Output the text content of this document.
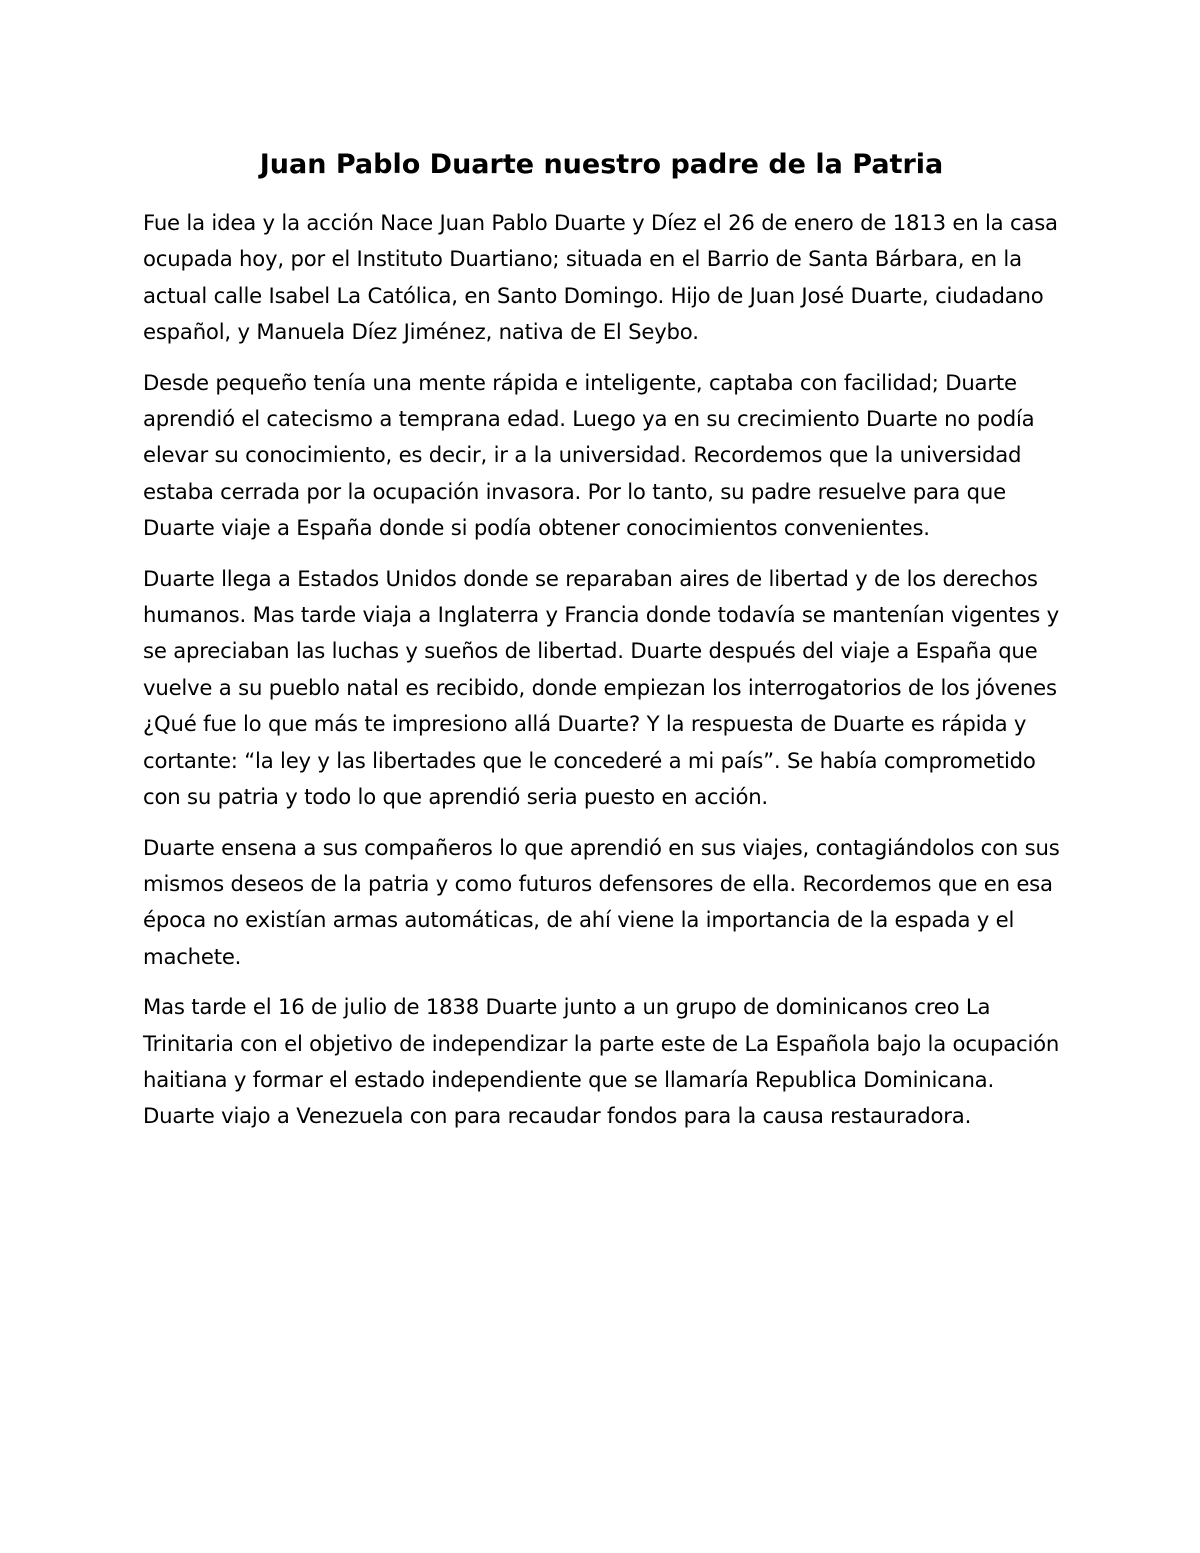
Juan Pablo Duarte nuestro padre de la Patria

Fue la idea y la acción Nace Juan Pablo Duarte y Díez el 26 de enero de 1813 en la casa ocupada hoy, por el Instituto Duartiano; situada en el Barrio de Santa Bárbara, en la actual calle Isabel La Católica, en Santo Domingo. Hijo de Juan José Duarte, ciudadano español, y Manuela Díez Jiménez, nativa de El Seybo.

Desde pequeño tenía una mente rápida e inteligente, captaba con facilidad; Duarte aprendió el catecismo a temprana edad. Luego ya en su crecimiento Duarte no podía elevar su conocimiento, es decir, ir a la universidad. Recordemos que la universidad estaba cerrada por la ocupación invasora. Por lo tanto, su padre resuelve para que Duarte viaje a España donde si podía obtener conocimientos convenientes.

Duarte llega a Estados Unidos donde se reparaban aires de libertad y de los derechos humanos. Mas tarde viaja a Inglaterra y Francia donde todavía se mantenían vigentes y se apreciaban las luchas y sueños de libertad. Duarte después del viaje a España que vuelve a su pueblo natal es recibido, donde empiezan los interrogatorios de los jóvenes ¿Qué fue lo que más te impresiono allá Duarte? Y la respuesta de Duarte es rápida y cortante: “la ley y las libertades que le concederé a mi país”. Se había comprometido con su patria y todo lo que aprendió seria puesto en acción.

Duarte ensena a sus compañeros lo que aprendió en sus viajes, contagiándolos con sus mismos deseos de la patria y como futuros defensores de ella. Recordemos que en esa época no existían armas automáticas, de ahí viene la importancia de la espada y el machete.

Mas tarde el 16 de julio de 1838 Duarte junto a un grupo de dominicanos creo La Trinitaria con el objetivo de independizar la parte este de La Española bajo la ocupación haitiana y formar el estado independiente que se llamaría Republica Dominicana. Duarte viajo a Venezuela con para recaudar fondos para la causa restauradora.
